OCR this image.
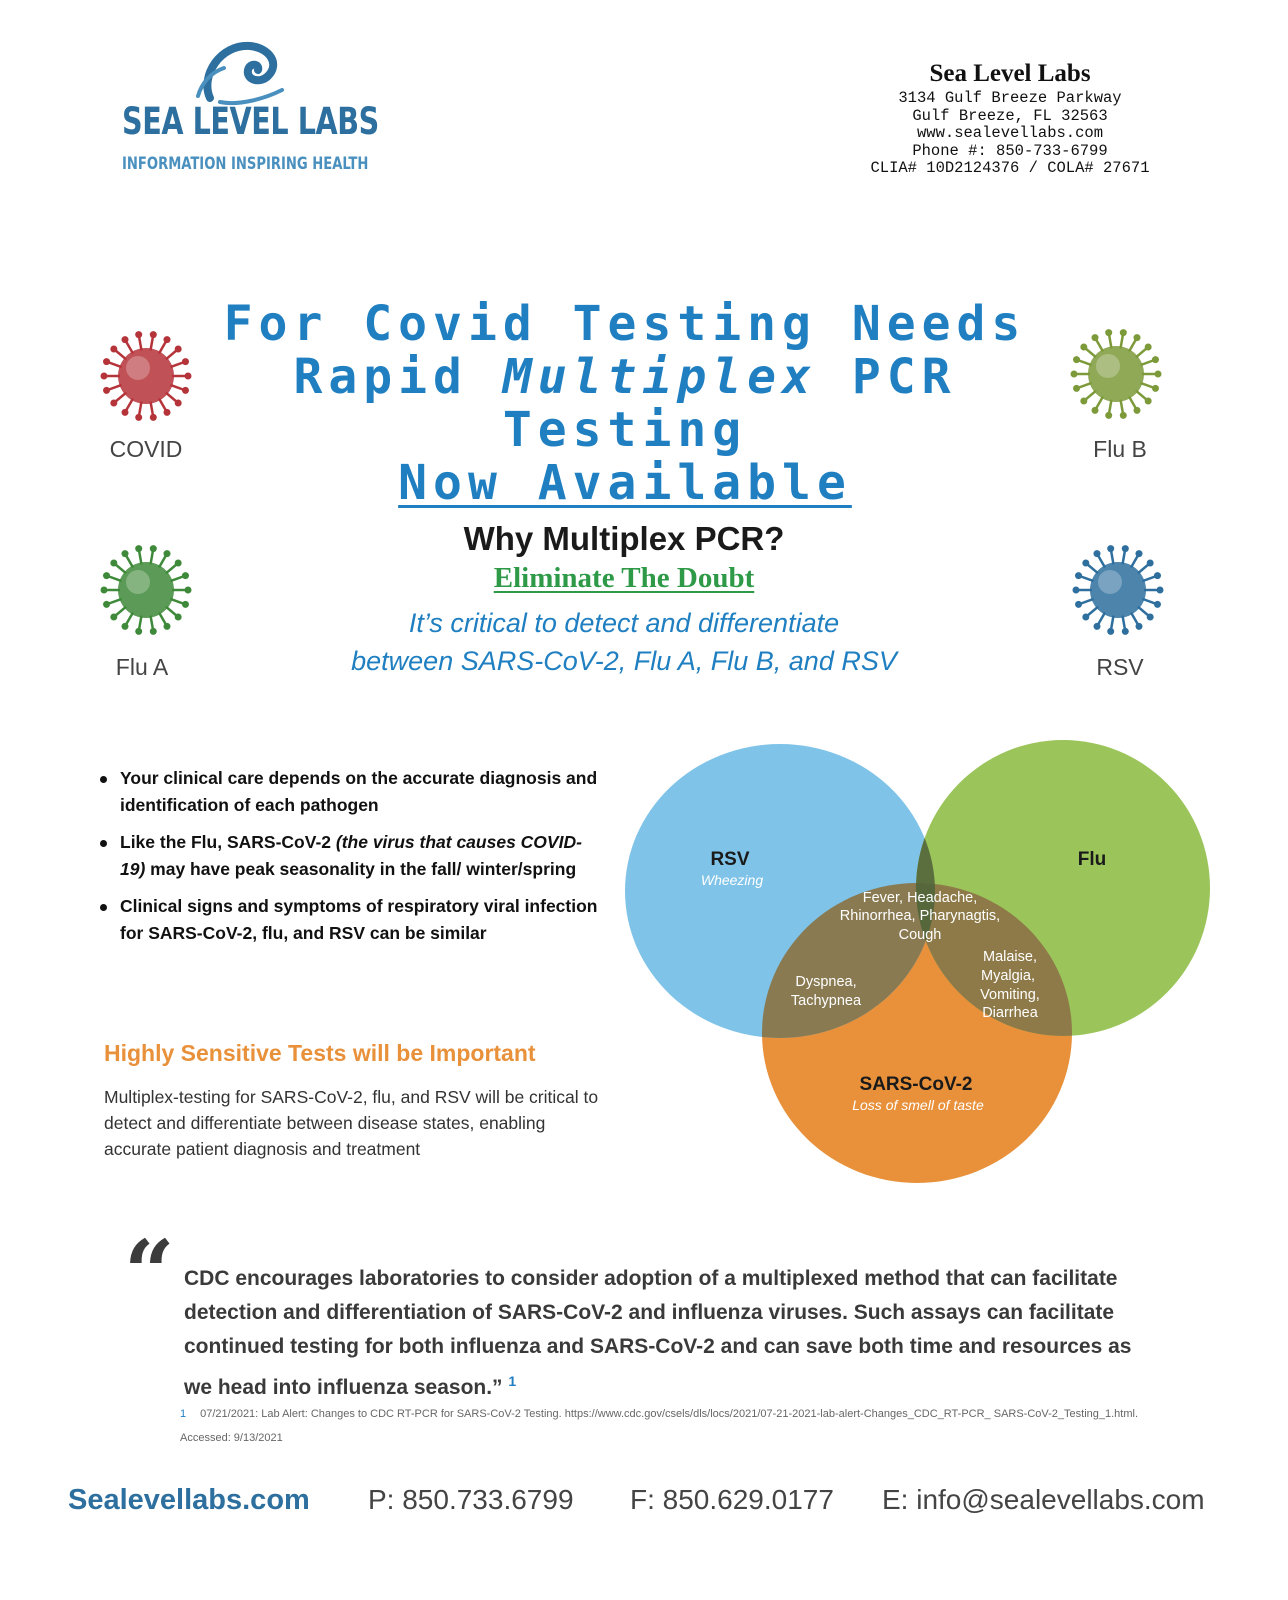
SEA LEVEL LABS
INFORMATION INSPIRING HEALTH
Sea Level Labs
3134 Gulf Breeze Parkway
Gulf Breeze, FL 32563
www.sealevellabs.com
Phone #: 850-733-6799
CLIA# 10D2124376 / COLA# 27671
For Covid Testing Needs
Rapid Multiplex PCR Testing
Now Available
COVID	Flu B
Flu A	RSV
Why Multiplex PCR?
Eliminate The Doubt
It’s critical to detect and differentiate
between SARS-CoV-2, Flu A, Flu B, and RSV
Your clinical care depends on the accurate diagnosis and identification of each pathogen
Like the Flu, SARS-CoV-2 (the virus that causes COVID-19) may have peak seasonality in the fall/ winter/spring
Clinical signs and symptoms of respiratory viral infection for SARS-CoV-2, flu, and RSV can be similar
Highly Sensitive Tests will be Important
Multiplex-testing for SARS-CoV-2, flu, and RSV will be critical to detect and differentiate between disease states, enabling accurate patient diagnosis and treatment
RSV
Wheezing
Flu
SARS-CoV-2
Loss of smell of taste
Fever, Headache,
Rhinorrhea, Pharynagtis,
Cough
Dyspnea,
Tachypnea
Malaise,
Myalgia,
Vomiting,
Diarrhea
“ CDC encourages laboratories to consider adoption of a multiplexed method that can facilitate detection and differentiation of SARS-CoV-2 and influenza viruses. Such assays can facilitate continued testing for both influenza and SARS-CoV-2 and can save both time and resources as we head into influenza season.” $^1$
1 07/21/2021: Lab Alert: Changes to CDC RT-PCR for SARS-CoV-2 Testing. https://www.cdc.gov/csels/dls/locs/2021/07-21-2021-lab-alert-Changes_CDC_RT-PCR_ SARS-CoV-2_Testing_1.html. Accessed: 9/13/2021
Sealevellabs.com P: 850.733.6799 F: 850.629.0177 E: info@sealevellabs.com
